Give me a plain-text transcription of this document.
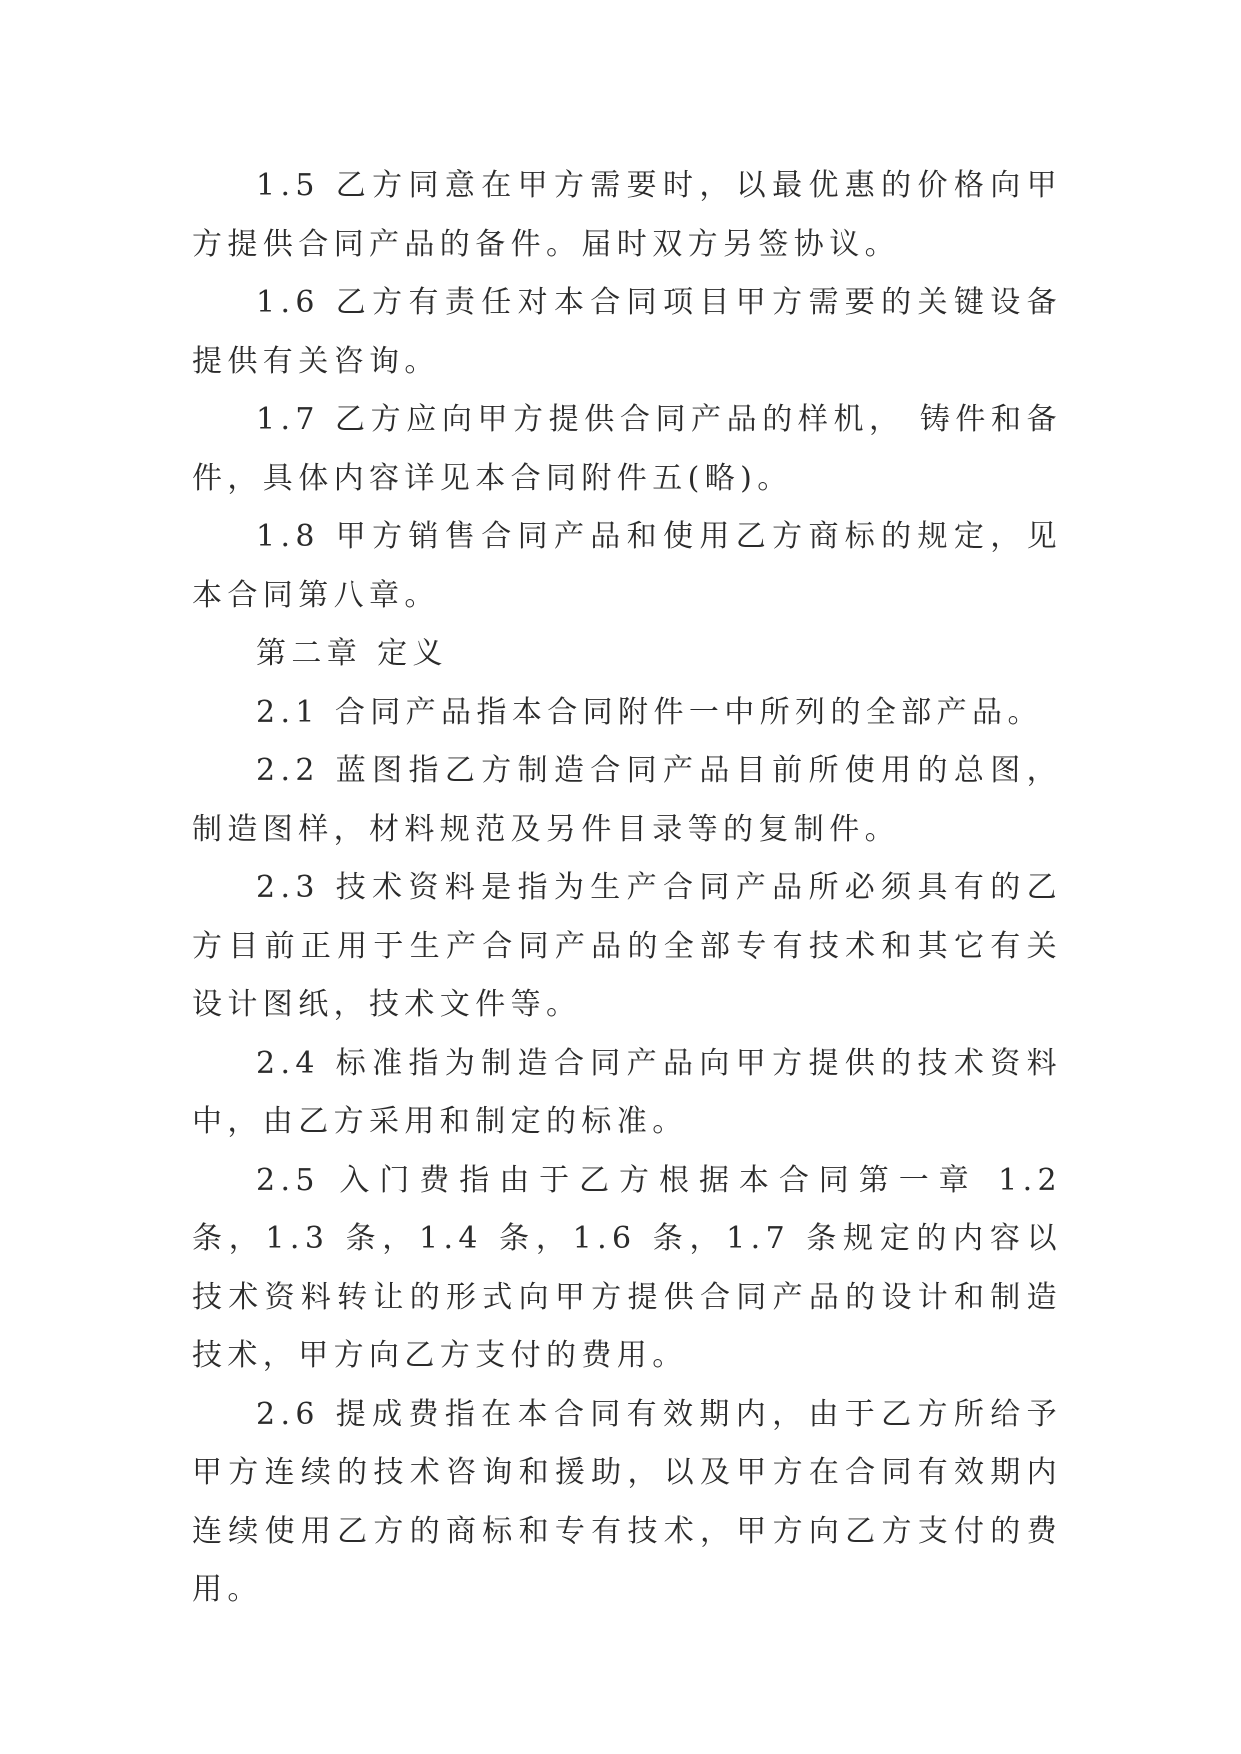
1.5 乙方同意在甲方需要时，以最优惠的价格向甲方提供合同产品的备件。届时双方另签协议。

1.6 乙方有责任对本合同项目甲方需要的关键设备提供有关咨询。

1.7 乙方应向甲方提供合同产品的样机， 铸件和备件，具体内容详见本合同附件五(略)。

1.8 甲方销售合同产品和使用乙方商标的规定，见本合同第八章。

第二章 定义

2.1 合同产品指本合同附件一中所列的全部产品。

2.2 蓝图指乙方制造合同产品目前所使用的总图，制造图样，材料规范及另件目录等的复制件。

2.3 技术资料是指为生产合同产品所必须具有的乙方目前正用于生产合同产品的全部专有技术和其它有关设计图纸，技术文件等。

2.4 标准指为制造合同产品向甲方提供的技术资料中，由乙方采用和制定的标准。

2.5 入门费指由于乙方根据本合同第一章 1.2 条，1.3 条，1.4 条，1.6 条，1.7 条规定的内容以技术资料转让的形式向甲方提供合同产品的设计和制造技术，甲方向乙方支付的费用。

2.6 提成费指在本合同有效期内，由于乙方所给予甲方连续的技术咨询和援助，以及甲方在合同有效期内连续使用乙方的商标和专有技术，甲方向乙方支付的费用。
